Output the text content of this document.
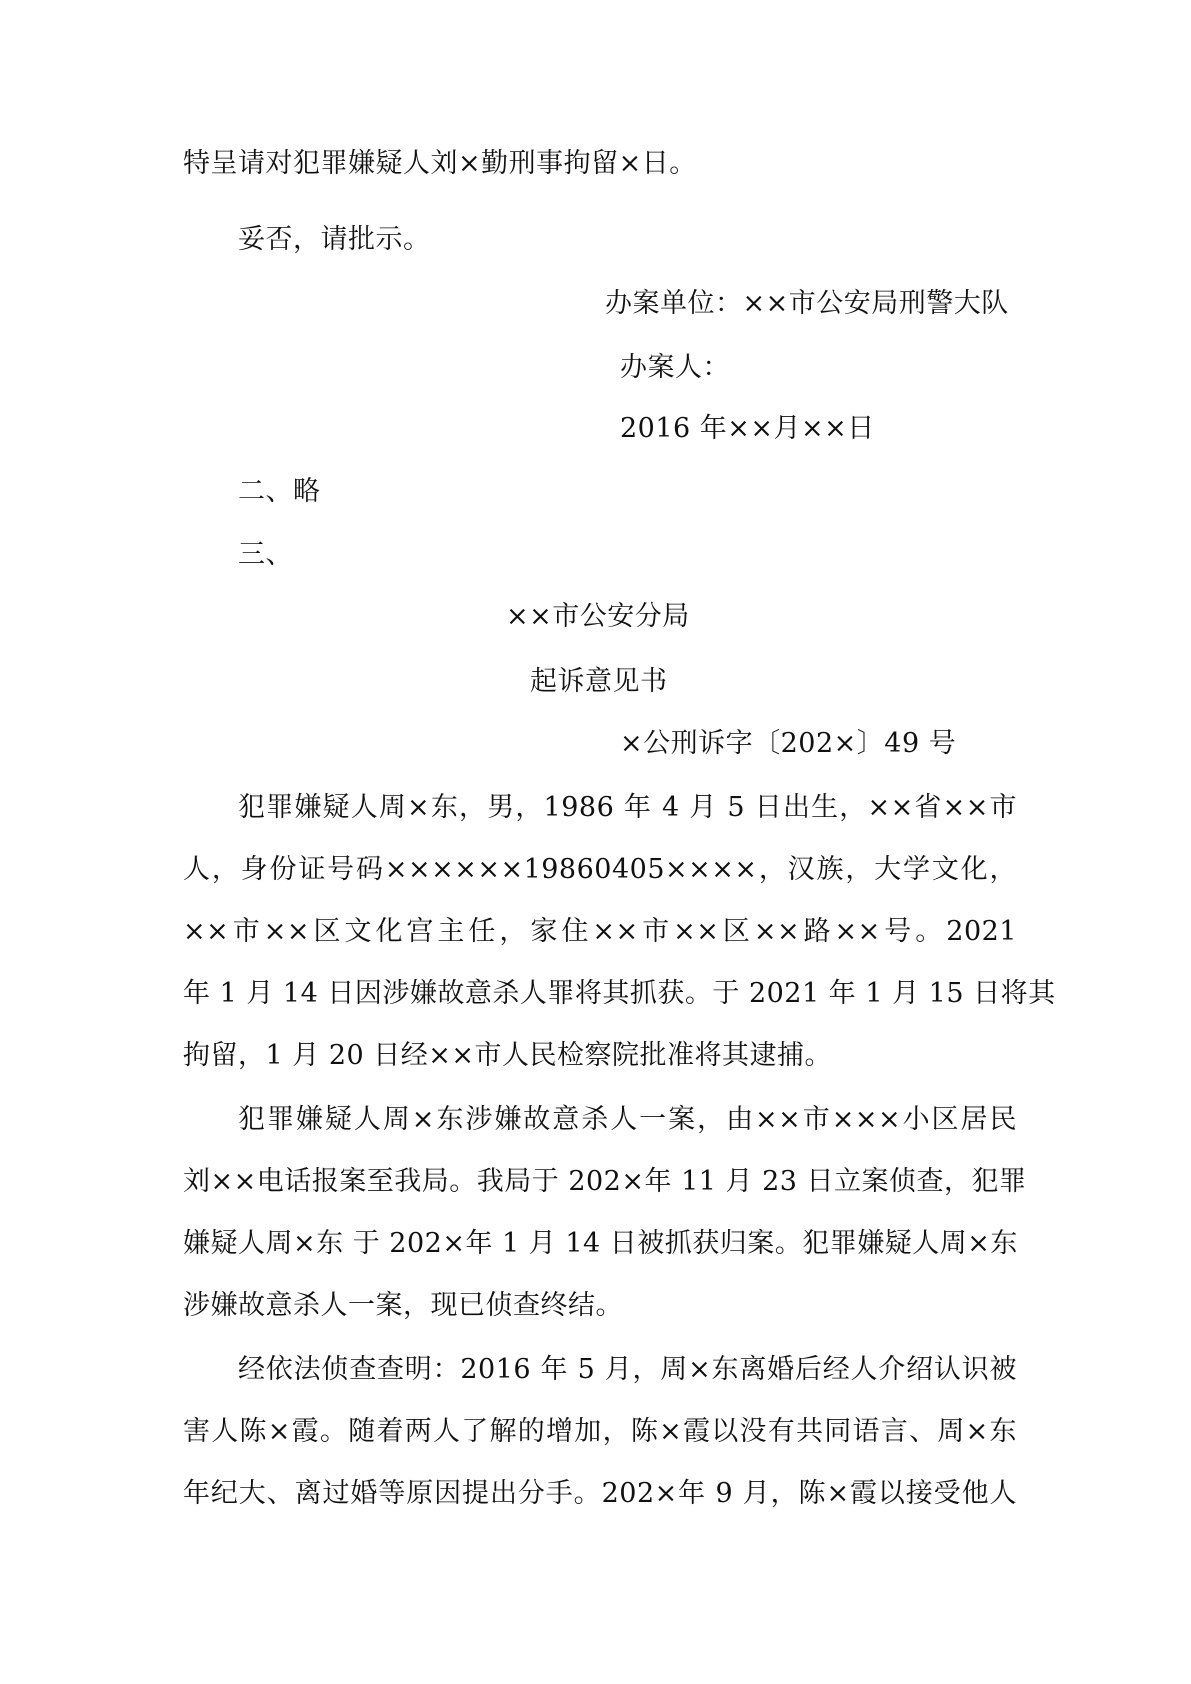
特呈请对犯罪嫌疑人刘×勤刑事拘留×日。
妥否，请批示。
办案单位：××市公安局刑警大队
办案人：
2016 年××月××日
二、略
三、
××市公安分局
起诉意见书
×公刑诉字〔202×〕49 号
犯罪嫌疑人周×东，男，1986 年 4 月 5 日出生，××省××市
人，身份证号码××××××19860405××××，汉族，大学文化，
××市××区文化宫主任，家住××市××区××路××号。2021
年 1 月 14 日因涉嫌故意杀人罪将其抓获。于 2021 年 1 月 15 日将其
拘留，1 月 20 日经××市人民检察院批准将其逮捕。
犯罪嫌疑人周×东涉嫌故意杀人一案，由××市×××小区居民
刘××电话报案至我局。我局于 202×年 11 月 23 日立案侦查，犯罪
嫌疑人周×东 于 202×年 1 月 14 日被抓获归案。犯罪嫌疑人周×东
涉嫌故意杀人一案，现已侦查终结。
经依法侦查查明：2016 年 5 月，周×东离婚后经人介绍认识被
害人陈×霞。随着两人了解的增加，陈×霞以没有共同语言、周×东
年纪大、离过婚等原因提出分手。202×年 9 月，陈×霞以接受他人
